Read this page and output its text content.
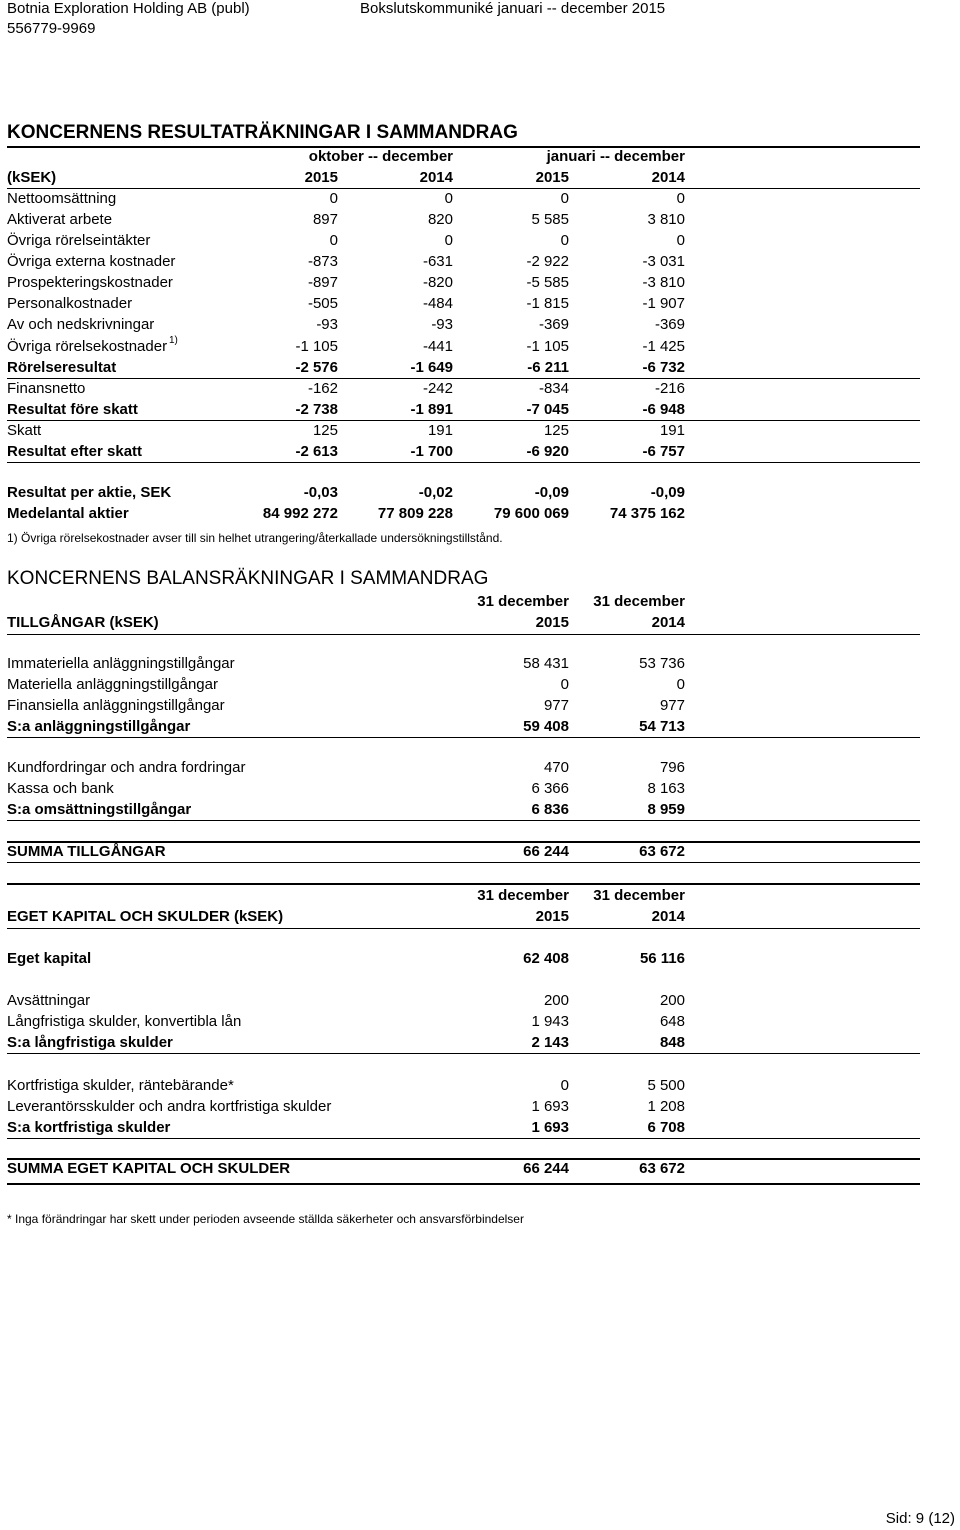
Botnia Exploration Holding AB (publ)
556779-9969
Bokslutskommuniké januari -- december 2015
KONCERNENS RESULTATRÄKNINGAR I SAMMANDRAG
oktober -- december	januari -- december
(kSEK)	2015	2014	2015	2014
Nettoomsättning	0	0	0	0
Aktiverat arbete	897	820	5 585	3 810
Övriga rörelseintäkter	0	0	0	0
Övriga externa kostnader	-873	-631	-2 922	-3 031
Prospekteringskostnader	-897	-820	-5 585	-3 810
Personalkostnader	-505	-484	-1 815	-1 907
Av och nedskrivningar	-93	-93	-369	-369
Övriga rörelsekostnader 1)	-1 105	-441	-1 105	-1 425
Rörelseresultat	-2 576	-1 649	-6 211	-6 732
Finansnetto	-162	-242	-834	-216
Resultat före skatt	-2 738	-1 891	-7 045	-6 948
Skatt	125	191	125	191
Resultat efter skatt	-2 613	-1 700	-6 920	-6 757
Resultat per aktie, SEK	-0,03	-0,02	-0,09	-0,09
Medelantal aktier	84 992 272	77 809 228	79 600 069	74 375 162
1) Övriga rörelsekostnader avser till sin helhet utrangering/återkallade undersökningstillstånd.
KONCERNENS BALANSRÄKNINGAR I SAMMANDRAG
31 december 31 december
TILLGÅNGAR (kSEK)	2015	2014
Immateriella anläggningstillgångar	58 431	53 736
Materiella anläggningstillgångar	0	0
Finansiella anläggningstillgångar	977	977
S:a anläggningstillgångar	59 408	54 713
Kundfordringar och andra fordringar	470	796
Kassa och bank	6 366	8 163
S:a omsättningstillgångar	6 836	8 959
SUMMA TILLGÅNGAR	66 244	63 672
31 december 31 december
EGET KAPITAL OCH SKULDER (kSEK)	2015	2014
Eget kapital	62 408	56 116
Avsättningar	200	200
Långfristiga skulder, konvertibla lån	1 943	648
S:a långfristiga skulder	2 143	848
Kortfristiga skulder, räntebärande*	0	5 500
Leverantörsskulder och andra kortfristiga skulder	1 693	1 208
S:a kortfristiga skulder	1 693	6 708
SUMMA EGET KAPITAL OCH SKULDER	66 244	63 672
* Inga förändringar har skett under perioden avseende ställda säkerheter och ansvarsförbindelser
Sid: 9 (12)
